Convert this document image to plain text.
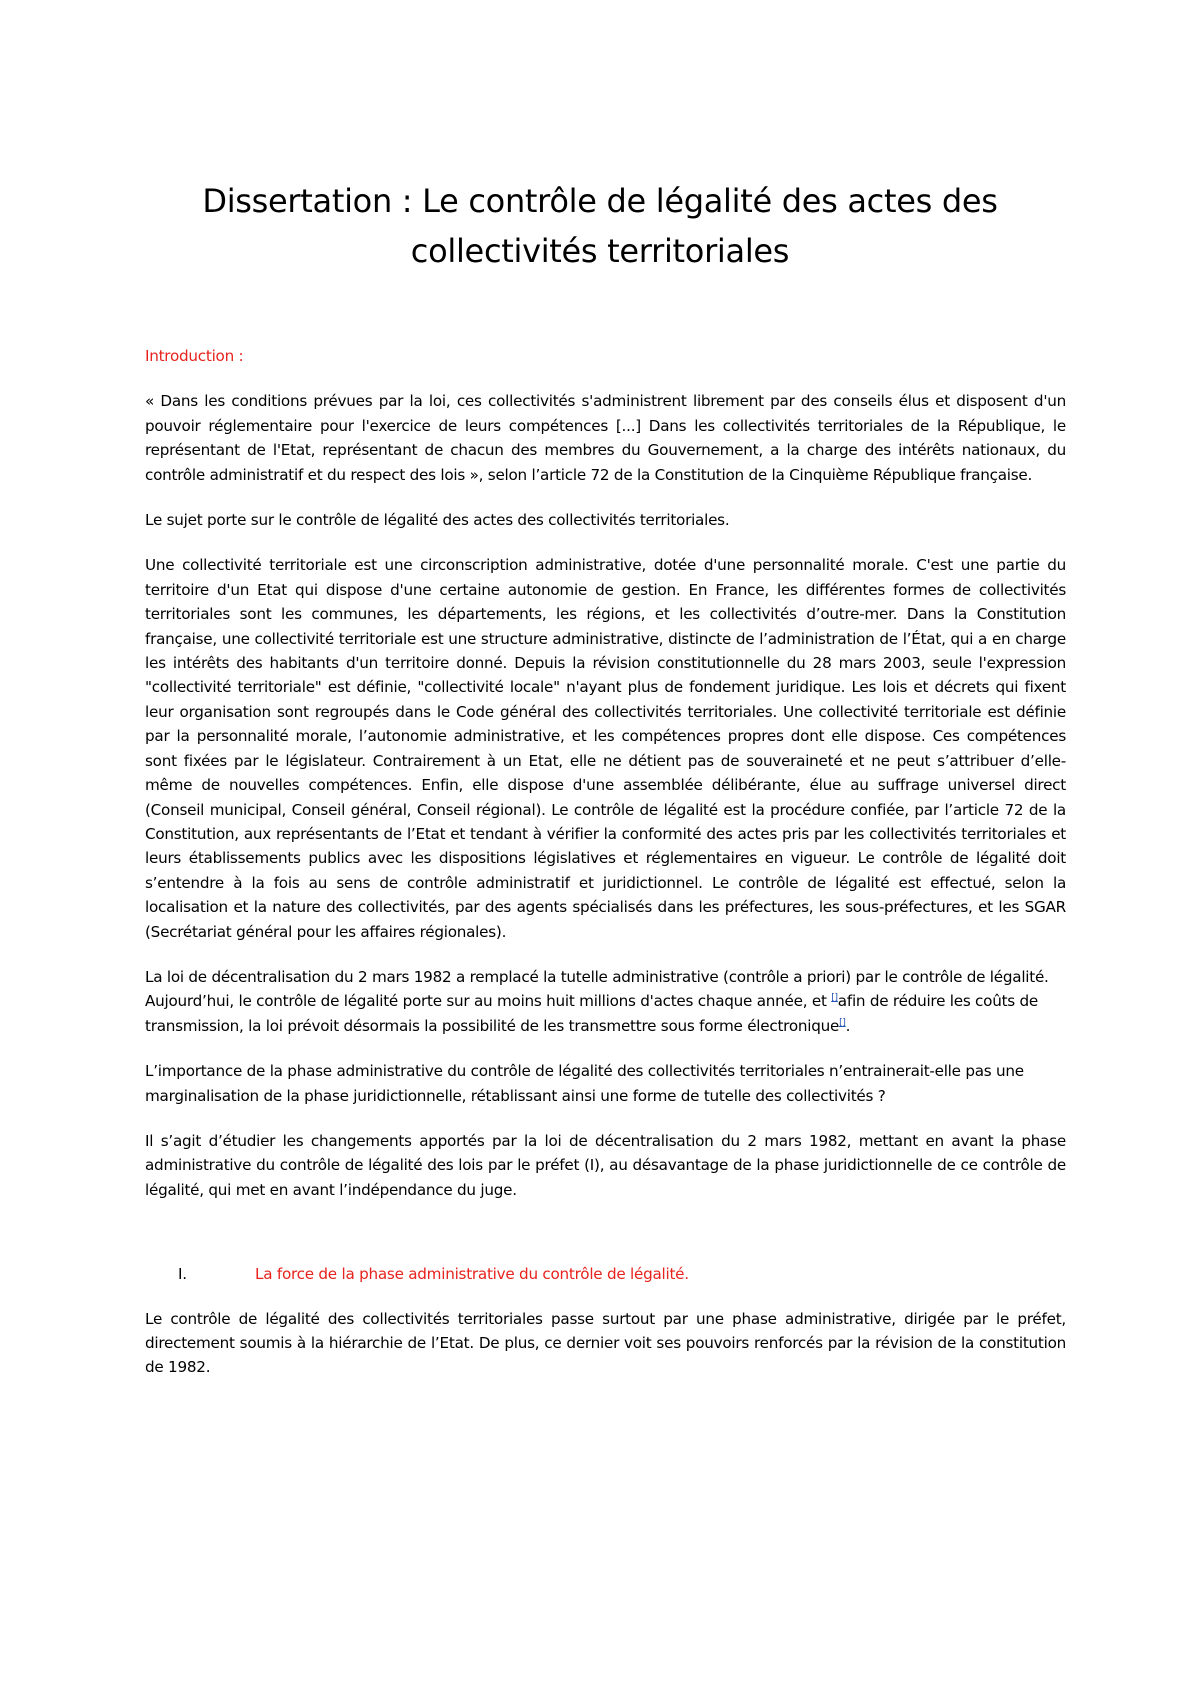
Dissertation : Le contrôle de légalité des actes des
collectivités territoriales

Introduction :

« Dans les conditions prévues par la loi, ces collectivités s'administrent librement par des conseils élus et disposent d'un pouvoir réglementaire pour l'exercice de leurs compétences [...] Dans les collectivités territoriales de la République, le représentant de l'Etat, représentant de chacun des membres du Gouvernement, a la charge des intérêts nationaux, du contrôle administratif et du respect des lois », selon l’article 72 de la Constitution de la Cinquième République française.

Le sujet porte sur le contrôle de légalité des actes des collectivités territoriales.

Une collectivité territoriale est une circonscription administrative, dotée d'une personnalité morale. C'est une partie du territoire d'un Etat qui dispose d'une certaine autonomie de gestion. En France, les différentes formes de collectivités territoriales sont les communes, les départements, les régions, et les collectivités d’outre-mer. Dans la Constitution française, une collectivité territoriale est une structure administrative, distincte de l’administration de l’État, qui a en charge les intérêts des habitants d'un territoire donné. Depuis la révision constitutionnelle du 28 mars 2003, seule l'expression "collectivité territoriale" est définie, "collectivité locale" n'ayant plus de fondement juridique. Les lois et décrets qui fixent leur organisation sont regroupés dans le Code général des collectivités territoriales. Une collectivité territoriale est définie par la personnalité morale, l’autonomie administrative, et les compétences propres dont elle dispose. Ces compétences sont fixées par le législateur. Contrairement à un Etat, elle ne détient pas de souveraineté et ne peut s’attribuer d’elle-même de nouvelles compétences. Enfin, elle dispose d'une assemblée délibérante, élue au suffrage universel direct (Conseil municipal, Conseil général, Conseil régional). Le contrôle de légalité est la procédure confiée, par l’article 72 de la Constitution, aux représentants de l’Etat et tendant à vérifier la conformité des actes pris par les collectivités territoriales et leurs établissements publics avec les dispositions législatives et réglementaires en vigueur. Le contrôle de légalité doit s’entendre à la fois au sens de contrôle administratif et juridictionnel. Le contrôle de légalité est effectué, selon la localisation et la nature des collectivités, par des agents spécialisés dans les préfectures, les sous-préfectures, et les SGAR (Secrétariat général pour les affaires régionales).

La loi de décentralisation du 2 mars 1982 a remplacé la tutelle administrative (contrôle a priori) par le contrôle de légalité. Aujourd’hui, le contrôle de légalité porte sur au moins huit millions d'actes chaque année, et []afin de réduire les coûts de transmission, la loi prévoit désormais la possibilité de les transmettre sous forme électronique[].

L’importance de la phase administrative du contrôle de légalité des collectivités territoriales n’entrainerait-elle pas une marginalisation de la phase juridictionnelle, rétablissant ainsi une forme de tutelle des collectivités ?

Il s’agit d’étudier les changements apportés par la loi de décentralisation du 2 mars 1982, mettant en avant la phase administrative du contrôle de légalité des lois par le préfet (I), au désavantage de la phase juridictionnelle de ce contrôle de légalité, qui met en avant l’indépendance du juge.

I.	La force de la phase administrative du contrôle de légalité.

Le contrôle de légalité des collectivités territoriales passe surtout par une phase administrative, dirigée par le préfet, directement soumis à la hiérarchie de l’Etat. De plus, ce dernier voit ses pouvoirs renforcés par la révision de la constitution de 1982.
